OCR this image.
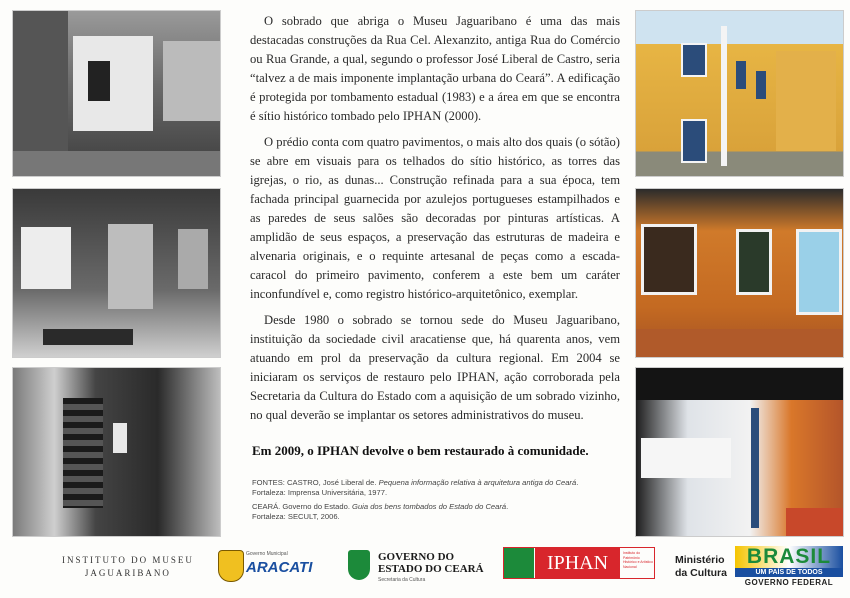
O sobrado que abriga o Museu Jaguaribano é uma das mais destacadas construções da Rua Cel. Alexanzito, antiga Rua do Comércio ou Rua Grande, a qual, segundo o professor José Liberal de Castro, seria “talvez a de mais imponente implantação urbana do Ceará”. A edificação é protegida por tombamento estadual (1983) e a área em que se encontra é sítio histórico tombado pelo IPHAN (2000).

O prédio conta com quatro pavimentos, o mais alto dos quais (o sótão) se abre em visuais para os telhados do sítio histórico, as torres das igrejas, o rio, as dunas... Construção refinada para a sua época, tem fachada principal guarnecida por azulejos portugueses estampilhados e as paredes de seus salões são decoradas por pinturas artísticas. A amplidão de seus espaços, a preservação das estruturas de madeira e alvenaria originais, e o requinte artesanal de peças como a escada-caracol do primeiro pavimento, conferem a este bem um caráter inconfundível e, como registro histórico-arquitetônico, exemplar.

Desde 1980 o sobrado se tornou sede do Museu Jaguaribano, instituição da sociedade civil aracatiense que, há quarenta anos, vem atuando em prol da preservação da cultura regional. Em 2004 se iniciaram os serviços de restauro pelo IPHAN, ação corroborada pela Secretaria da Cultura do Estado com a aquisição de um sobrado vizinho, no qual deverão se implantar os setores administrativos do museu.

Em 2009, o IPHAN devolve o bem restaurado à comunidade.
FONTES: CASTRO, José Liberal de. Pequena informação relativa à arquitetura antiga do Ceará.
Fortaleza: Imprensa Universitária, 1977.
CEARÁ. Governo do Estado. Guia dos bens tombados do Estado do Ceará.
Fortaleza: SECULT, 2006.
INSTITUTO DO MUSEU
JAGUARIBANO
Governo Municipal
ARACATI
GOVERNO DO
ESTADO DO CEARÁ
Secretaria da Cultura
IPHAN	Instituto do Patrimônio Histórico e Artístico Nacional
Ministério
da Cultura
BRASIL
UM PAÍS DE TODOS
GOVERNO FEDERAL
